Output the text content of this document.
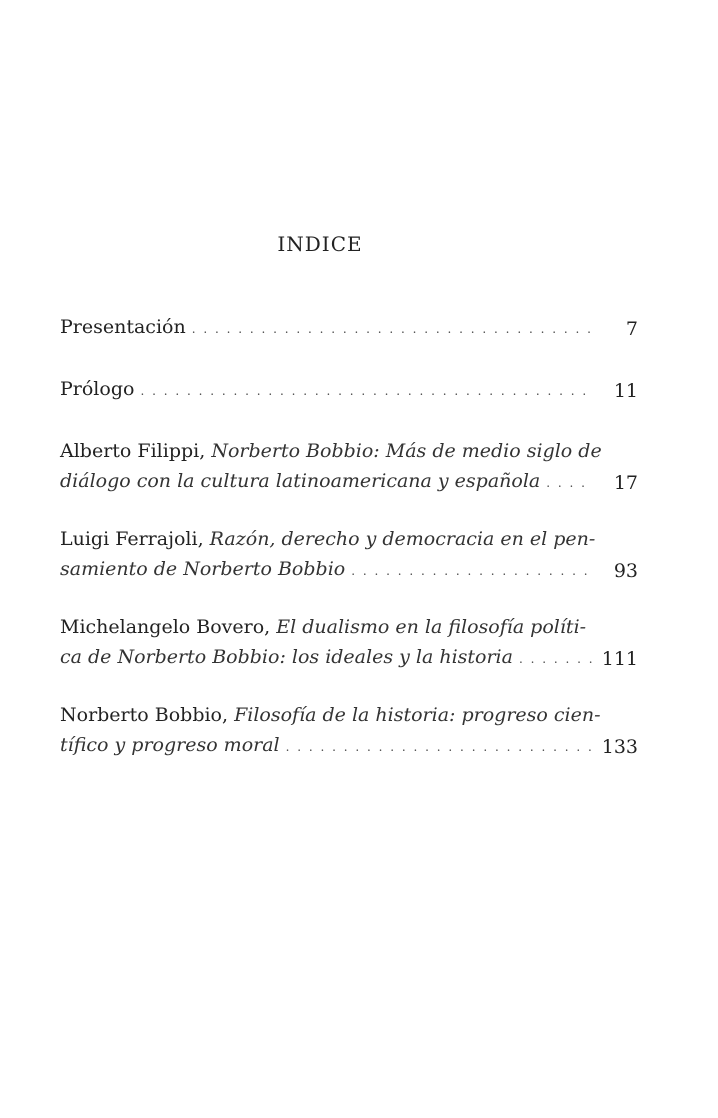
INDICE
Presentación . . .	7
Prólogo . . .	11
Alberto Filippi, Norberto Bobbio: Más de medio siglo de
diálogo con la cultura latinoamericana y española . . .	17
Luigi Ferrajoli, Razón, derecho y democracia en el pen-
samiento de Norberto Bobbio . . .	93
Michelangelo Bovero, El dualismo en la filosofía políti-
ca de Norberto Bobbio: los ideales y la historia . . .	111
Norberto Bobbio, Filosofía de la historia: progreso cien-
tífico y progreso moral . . .	133
